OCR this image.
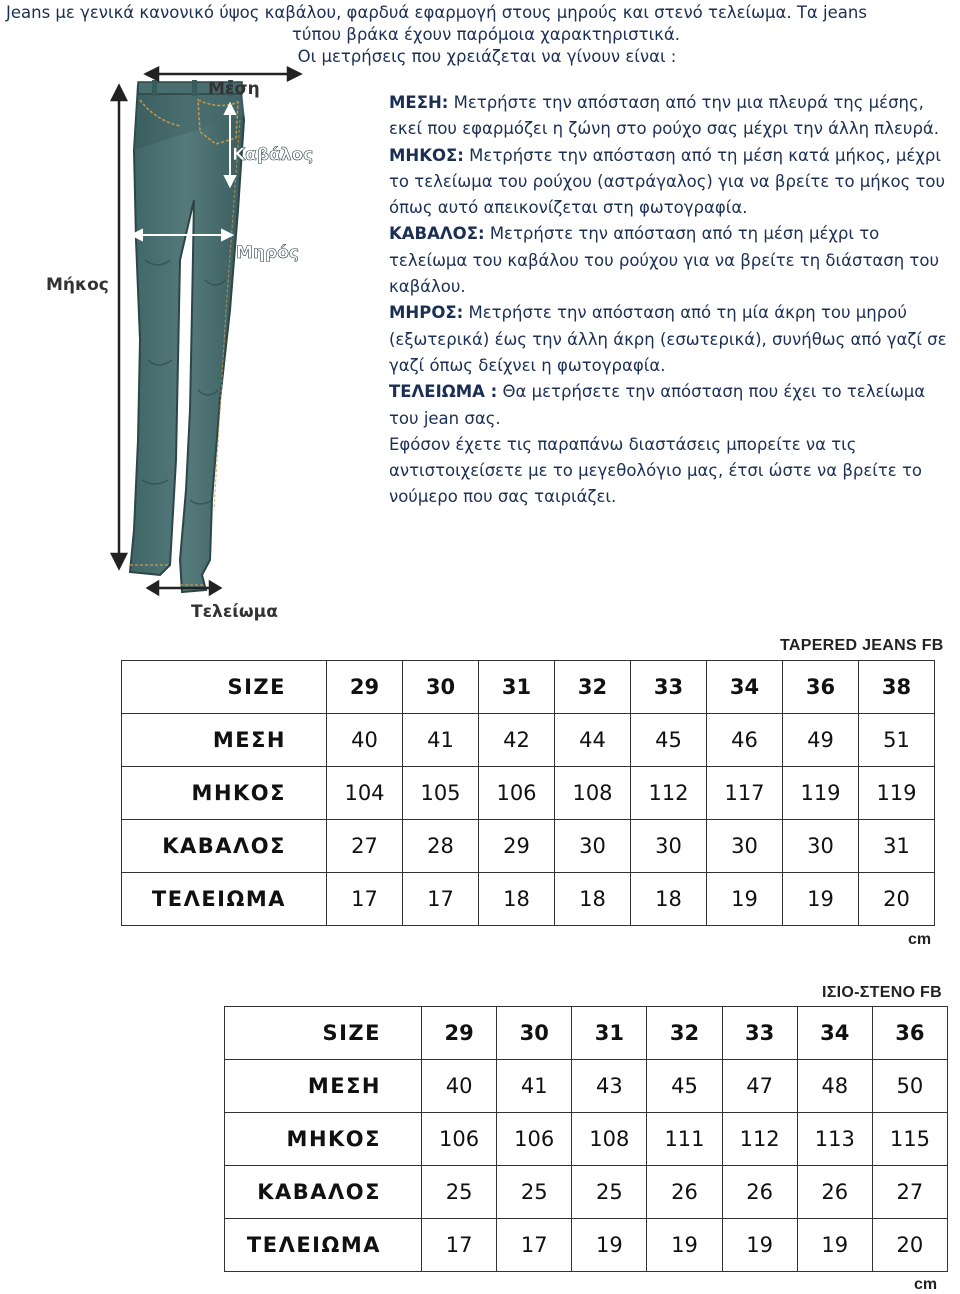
Jeans με γενικά κανονικό ύψος καβάλου, φαρδυά εφαρμογή στους μηρούς και στενό τελείωμα. Τα jeans
τύπου βράκα έχουν παρόμοια χαρακτηριστικά.
Οι μετρήσεις που χρειάζεται να γίνουν είναι :
Μέση
Καβάλος
Μηρός
Μήκος
Τελείωμα

ΜΕΣΗ: Μετρήστε την απόσταση από την μια πλευρά της μέσης, εκεί που εφαρμόζει η ζώνη στο ρούχο σας μέχρι την άλλη πλευρά.

ΜΗΚΟΣ: Μετρήστε την απόσταση από τη μέση κατά μήκος, μέχρι το τελείωμα του ρούχου (αστράγαλος) για να βρείτε το μήκος του όπως αυτό απεικονίζεται στη φωτογραφία.

ΚΑΒΑΛΟΣ: Μετρήστε την απόσταση από τη μέση μέχρι το τελείωμα του καβάλου του ρούχου για να βρείτε τη διάσταση του καβάλου.

ΜΗΡΟΣ: Μετρήστε την απόσταση από τη μία άκρη του μηρού (εξωτερικά) έως την άλλη άκρη (εσωτερικά), συνήθως από γαζί σε γαζί όπως δείχνει η φωτογραφία.

ΤΕΛΕΙΩΜΑ : Θα μετρήσετε την απόσταση που έχει το τελείωμα του jean σας.

Εφόσον έχετε τις παραπάνω διαστάσεις μπορείτε να τις αντιστοιχείσετε με το μεγεθολόγιο μας, έτσι ώστε να βρείτε το νούμερο που σας ταιριάζει.

TAPERED JEANS FB
SIZE	29	30	31	32	33	34	36	38
ΜΕΣΗ	40	41	42	44	45	46	49	51
ΜΗΚΟΣ	104	105	106	108	112	117	119	119
ΚΑΒΑΛΟΣ	27	28	29	30	30	30	30	31
ΤΕΛΕΙΩΜΑ	17	17	18	18	18	19	19	20
cm
ΙΣΙΟ-ΣΤΕΝΟ FB
SIZE	29	30	31	32	33	34	36
ΜΕΣΗ	40	41	43	45	47	48	50
ΜΗΚΟΣ	106	106	108	111	112	113	115
ΚΑΒΑΛΟΣ	25	25	25	26	26	26	27
ΤΕΛΕΙΩΜΑ	17	17	19	19	19	19	20
cm
